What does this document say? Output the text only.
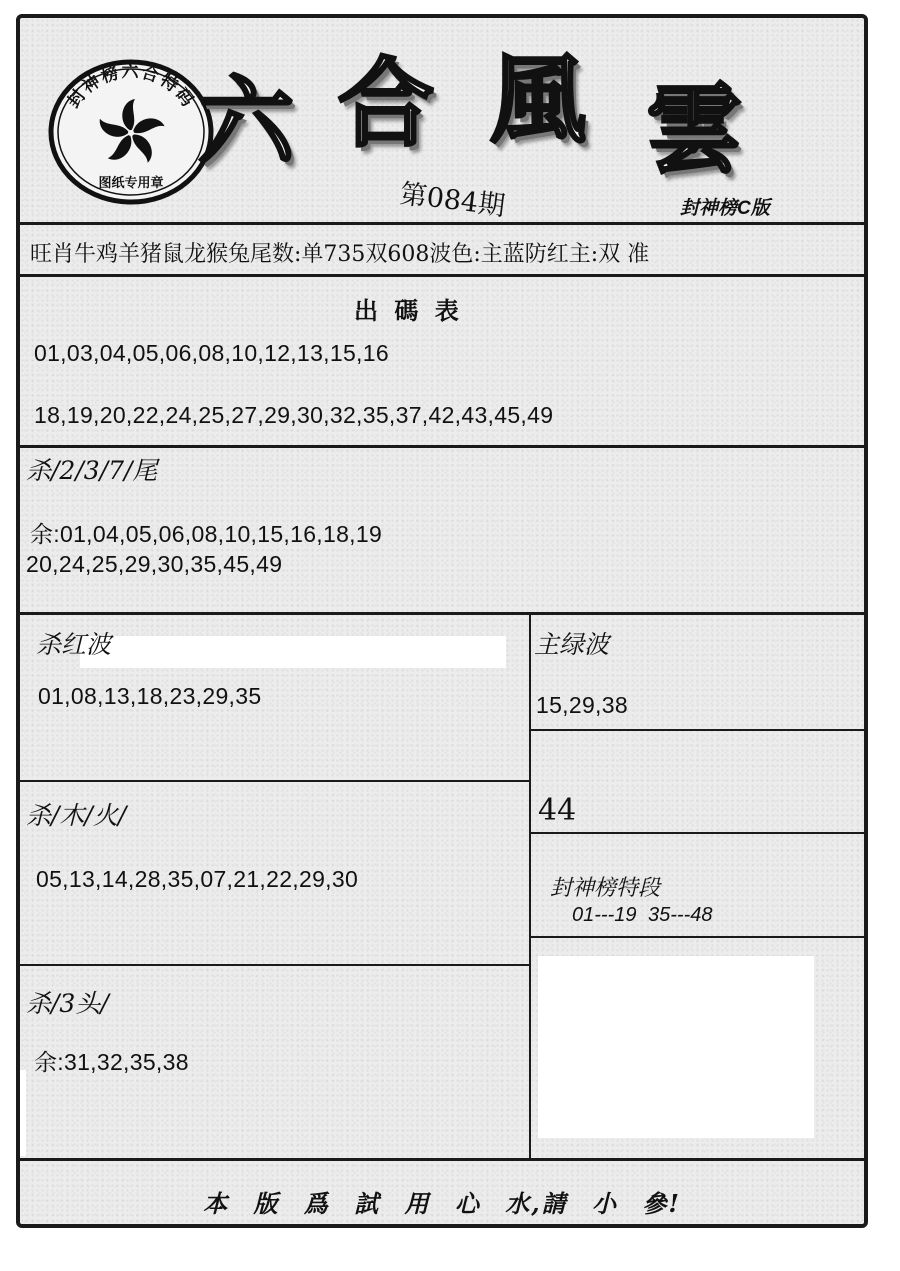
封神榜六合特码
图纸专用章
六 合 風 雲
第084期	封神榜C版
旺肖牛鸡羊猪鼠龙猴兔尾数:单735双608波色:主蓝防红主:双 准
出 碼 表
01,03,04,05,06,08,10,12,13,15,16
18,19,20,22,24,25,27,29,30,32,35,37,42,43,45,49
杀/2/3/7/尾
余:01,04,05,06,08,10,15,16,18,19
20,24,25,29,30,35,45,49
杀红波
01,08,13,18,23,29,35
主绿波
15,29,38
44
杀/木/火/
05,13,14,28,35,07,21,22,29,30	封神榜特段
01---19 35---48
杀/3头/
余:31,32,35,38
本 版 爲 試 用 心 水,請 小 參!
